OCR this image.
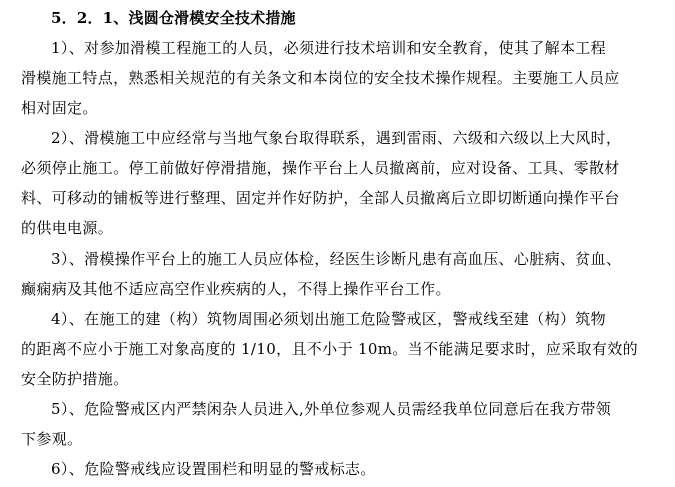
5．2．1、浅圆仓滑模安全技术措施
1）、对参加滑模工程施工的人员，必须进行技术培训和安全教育，使其了解本工程
滑模施工特点，熟悉相关规范的有关条文和本岗位的安全技术操作规程。主要施工人员应
相对固定。
2）、滑模施工中应经常与当地气象台取得联系，遇到雷雨、六级和六级以上大风时，
必须停止施工。停工前做好停滑措施，操作平台上人员撤离前，应对设备、工具、零散材
料、可移动的铺板等进行整理、固定并作好防护，全部人员撤离后立即切断通向操作平台
的供电电源。
3）、滑模操作平台上的施工人员应体检，经医生诊断凡患有高血压、心脏病、贫血、
癫痫病及其他不适应高空作业疾病的人，不得上操作平台工作。
4）、在施工的建（构）筑物周围必须划出施工危险警戒区，警戒线至建（构）筑物
的距离不应小于施工对象高度的 1/10，且不小于 10m。当不能满足要求时，应采取有效的
安全防护措施。
5）、危险警戒区内严禁闲杂人员进入,外单位参观人员需经我单位同意后在我方带领
下参观。
6）、危险警戒线应设置围栏和明显的警戒标志。
